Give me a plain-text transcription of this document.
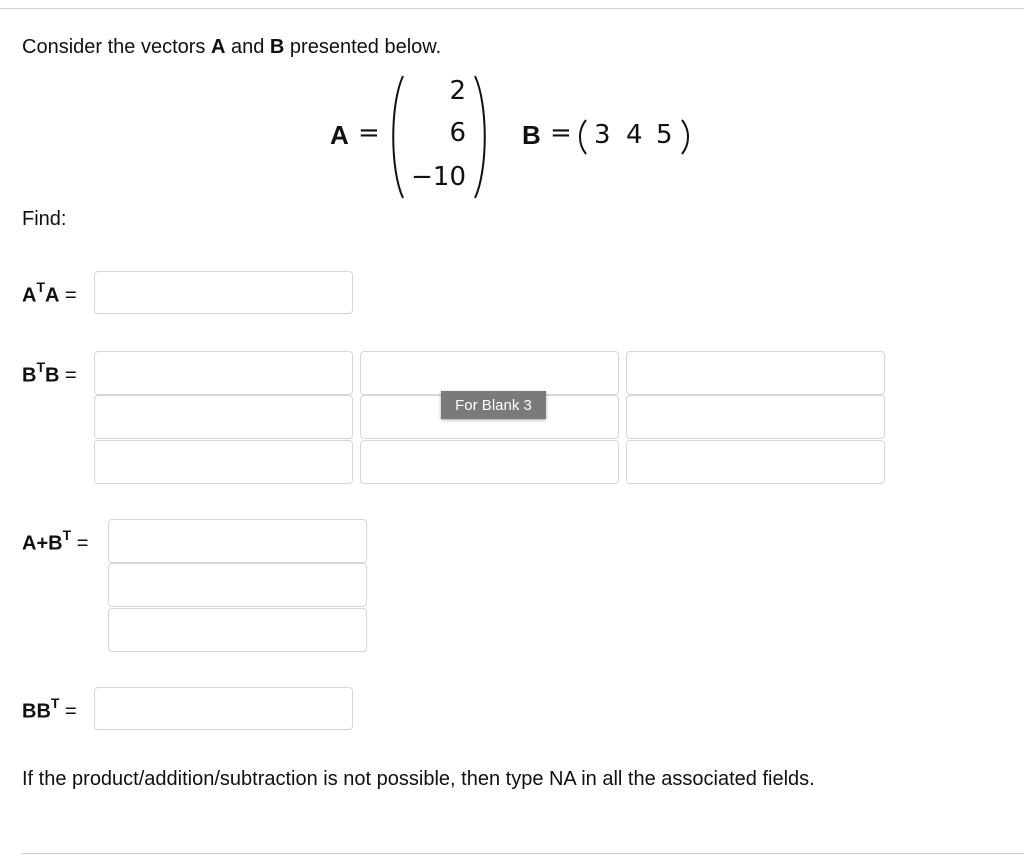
Consider the vectors A and B presented below.
A =
2
6
−10
B = 3 4 5
Find:
$A^TA$ =
$B^TB$ =
For Blank 3
$A+B^T$ =
$BB^T$ =
If the product/addition/subtraction is not possible, then type NA in all the associated fields.
